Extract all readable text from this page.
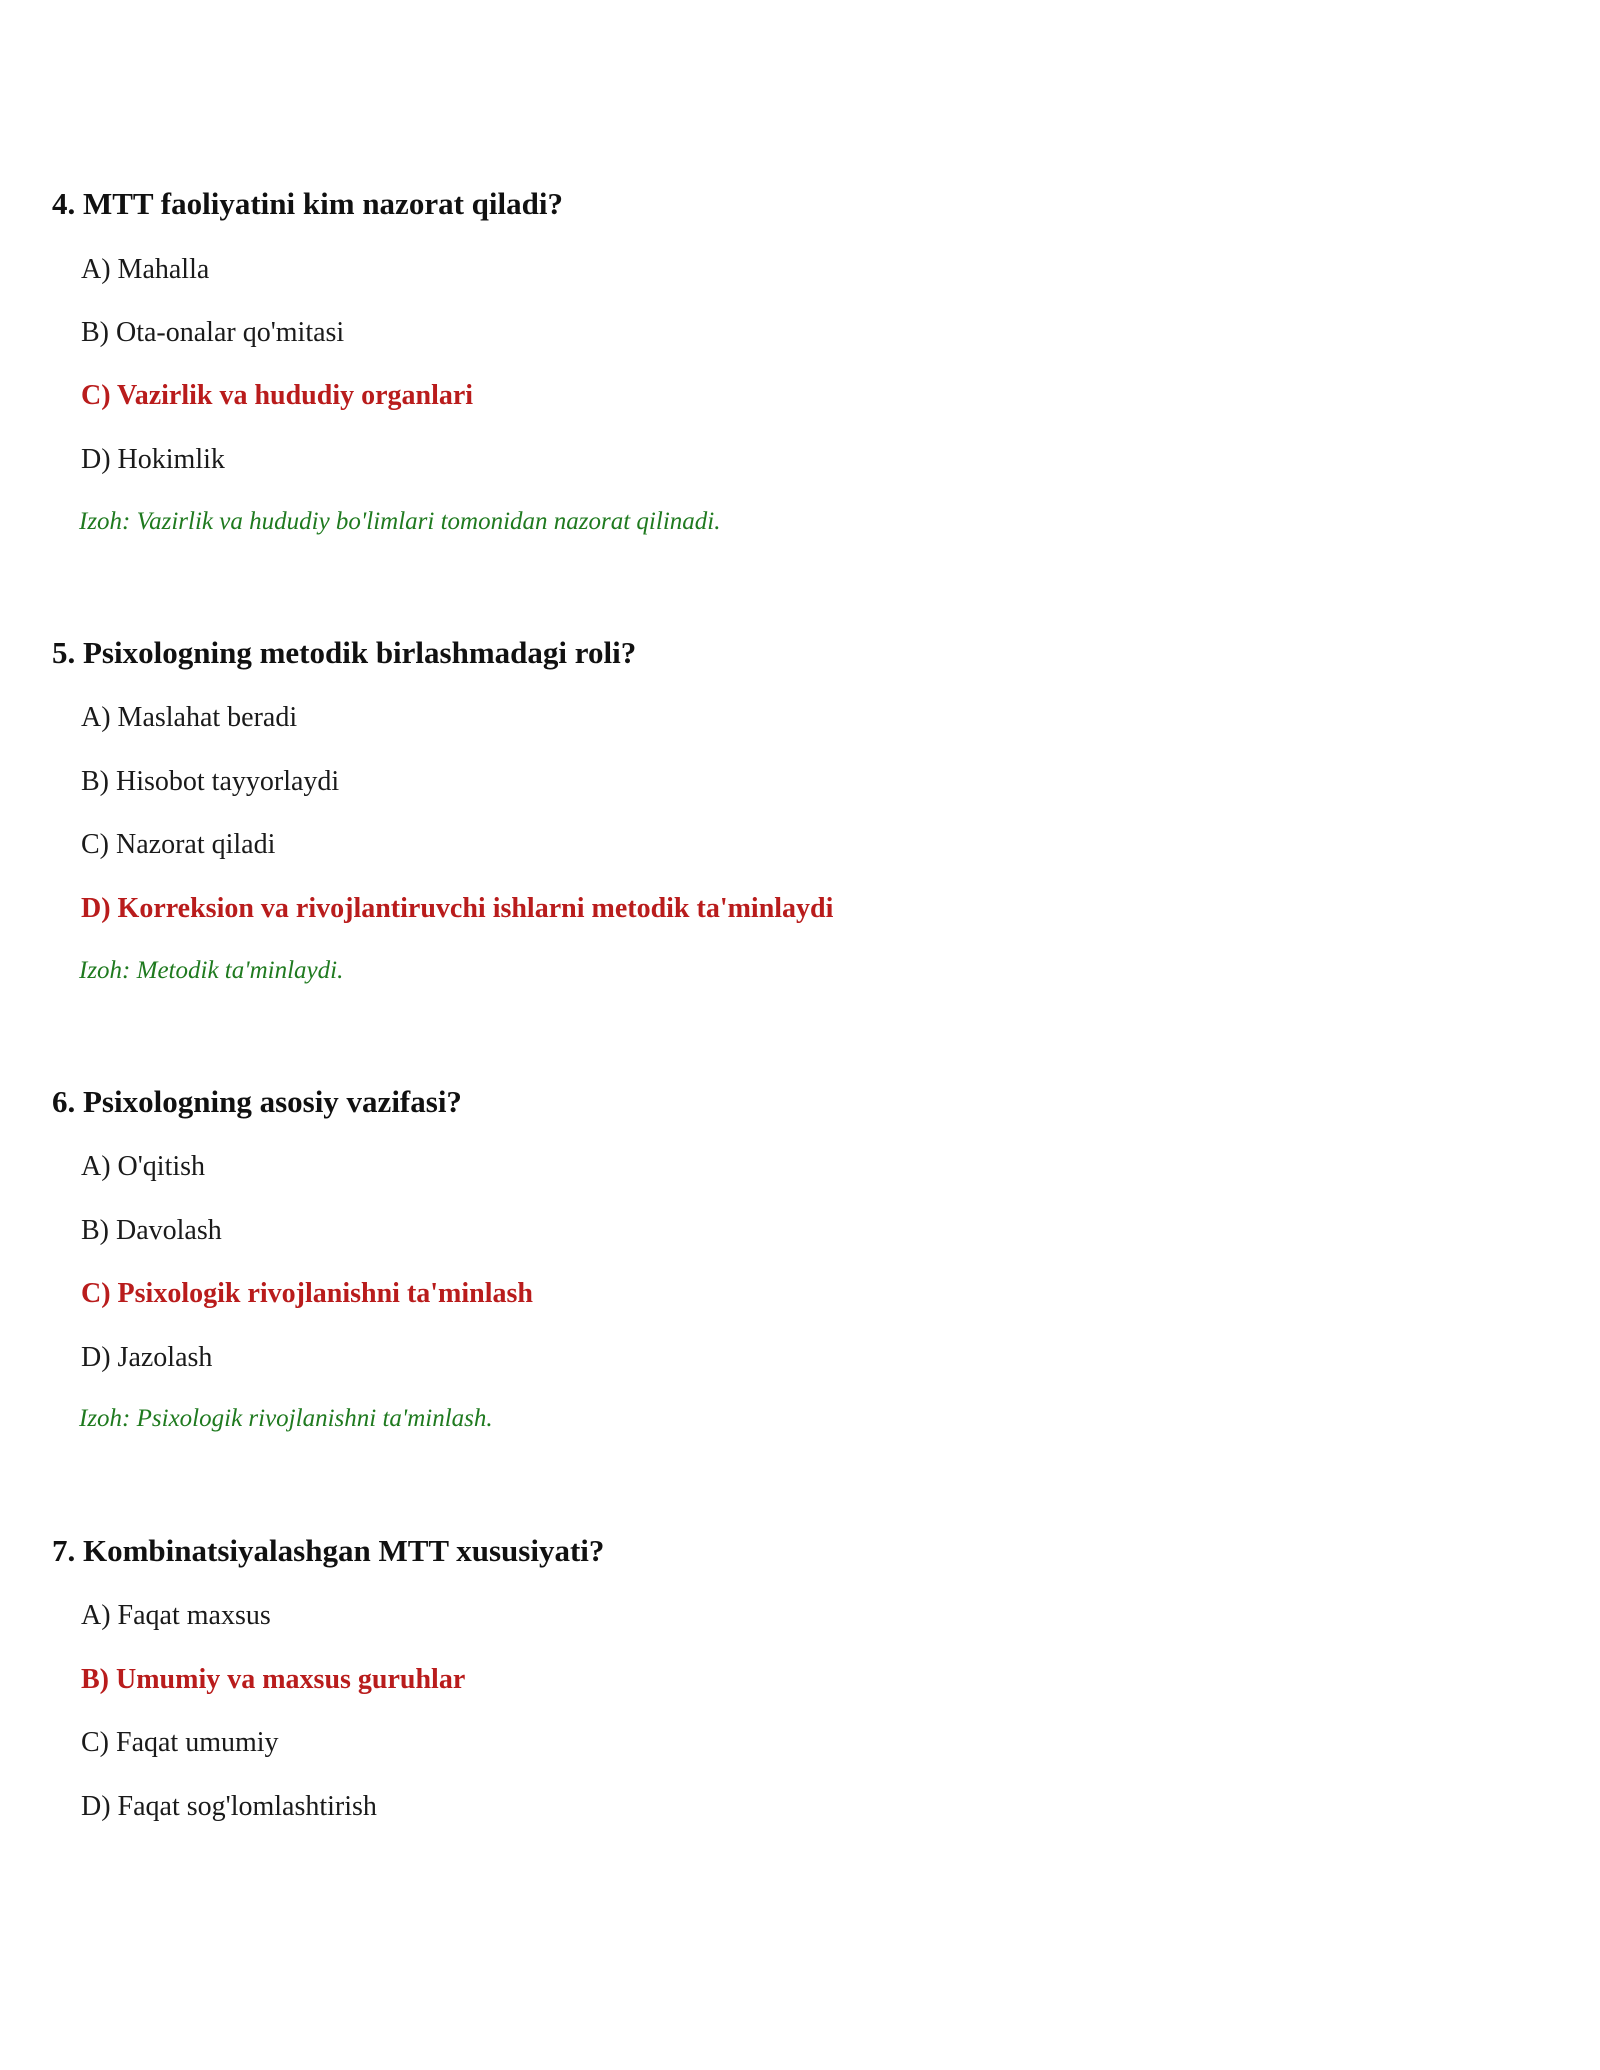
4. MTT faoliyatini kim nazorat qiladi?
A) Mahalla
B) Ota-onalar qo'mitasi
C) Vazirlik va hududiy organlari
D) Hokimlik
Izoh: Vazirlik va hududiy bo'limlari tomonidan nazorat qilinadi.
5. Psixologning metodik birlashmadagi roli?
A) Maslahat beradi
B) Hisobot tayyorlaydi
C) Nazorat qiladi
D) Korreksion va rivojlantiruvchi ishlarni metodik ta'minlaydi
Izoh: Metodik ta'minlaydi.
6. Psixologning asosiy vazifasi?
A) O'qitish
B) Davolash
C) Psixologik rivojlanishni ta'minlash
D) Jazolash
Izoh: Psixologik rivojlanishni ta'minlash.
7. Kombinatsiyalashgan MTT xususiyati?
A) Faqat maxsus
B) Umumiy va maxsus guruhlar
C) Faqat umumiy
D) Faqat sog'lomlashtirish
